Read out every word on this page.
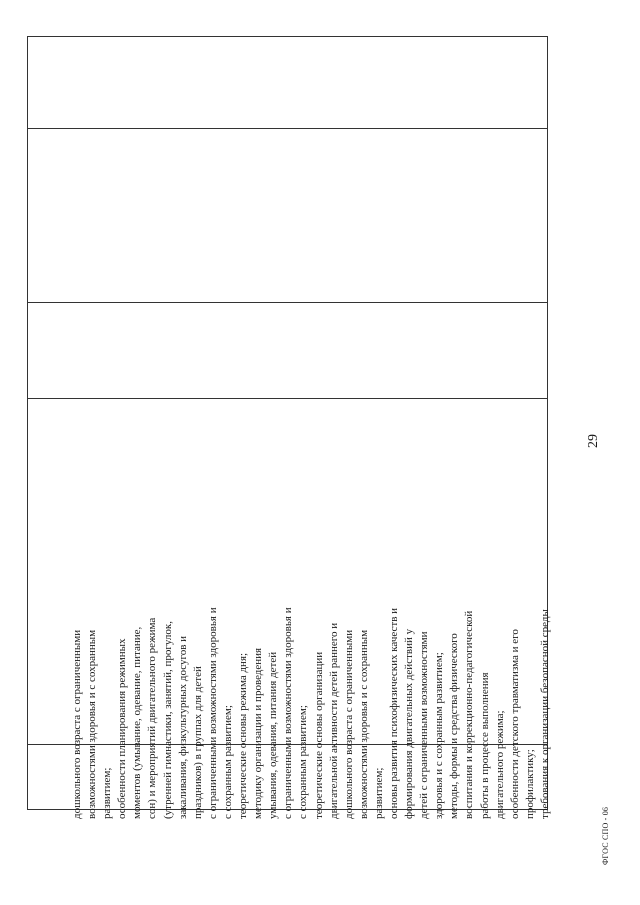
29
дошкольного возраста с ограниченными возможностями здоровья и с сохранным развитием; особенности планирования режимных моментов (умывание, одевание, питание, сон) и мероприятий двигательного режима (утренней гимнастики, занятий, прогулок, закаливания, физкультурных досугов и праздников) в группах для детей с ограниченными возможностями здоровья и с сохранным развитием; теоретические основы режима дня; методику организации и проведения умывания, одевания, питания детей с ограниченными возможностями здоровья и с сохранным развитием; теоретические основы организации двигательной активности детей раннего и дошкольного возраста с ограниченными возможностями здоровья и с сохранным развитием; основы развития психофизических качеств и формирования двигательных действий у детей с ограниченными возможностями здоровья и с сохранным развитием; методы, формы и средства физического воспитания и коррекционно-педагогической работы в процессе выполнения двигательного режима; особенности детского травматизма и его профилактику; требования к организации безопасной среды
ФГОС СПО - 06
